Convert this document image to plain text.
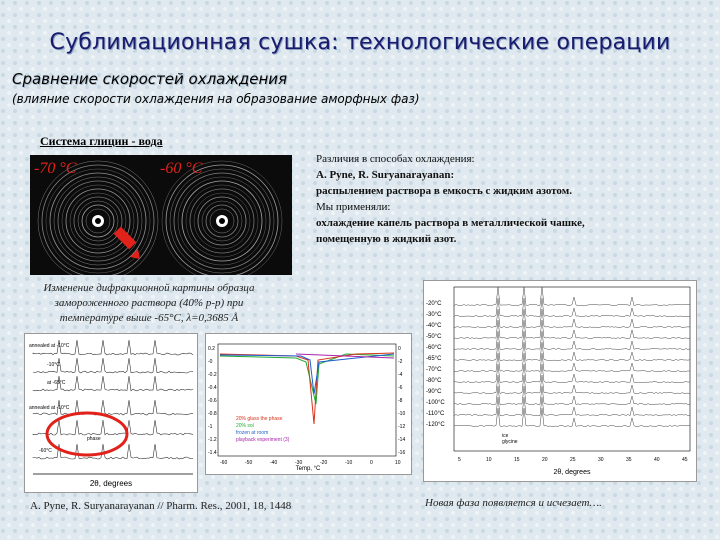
Сублимационная сушка: технологические операции
Сравнение скоростей охлаждения
(влияние скорости охлаждения на образование аморфных фаз)
Система глицин - вода
-70 °C	-60 °C
Изменение дифракционной картины образца замороженного раствора (40% р-р) при температуре выше -65°С, λ=0,3685 Å
Различия в способах охлаждения:
A. Pyne, R. Suryanarayanan:
распылением раствора в емкость с жидким азотом.
Мы применяли:
охлаждение капель раствора в металлической чашке,
помещенную в жидкий азот.
annealed at -10°C
-10°C
at -65°C
annealed at -10°C
phase
-60°C
2θ, degrees
0.2
-0
-0.2
-0.4
-0.6
-0.8
-1
-1.2
-1.4
0
-2
-4
-6
-8
-10
-12
-14
-16
-60	-50	-40	-30	-20	-10	0	10
20% glass the phase
20% sol
frozen at room
playback experiment (3)
Temp, °C
-20°C
-30°C
-40°C
-50°C
-60°C
-65°C
-70°C
-80°C
-90°C
-100°C
-110°C
-120°C
5	10	15	20	25	30	35	40	45
ice
glycine
2θ, degrees
A. Pyne, R. Suryanarayanan // Pharm. Res., 2001, 18, 1448	Новая фаза появляется и исчезает….
